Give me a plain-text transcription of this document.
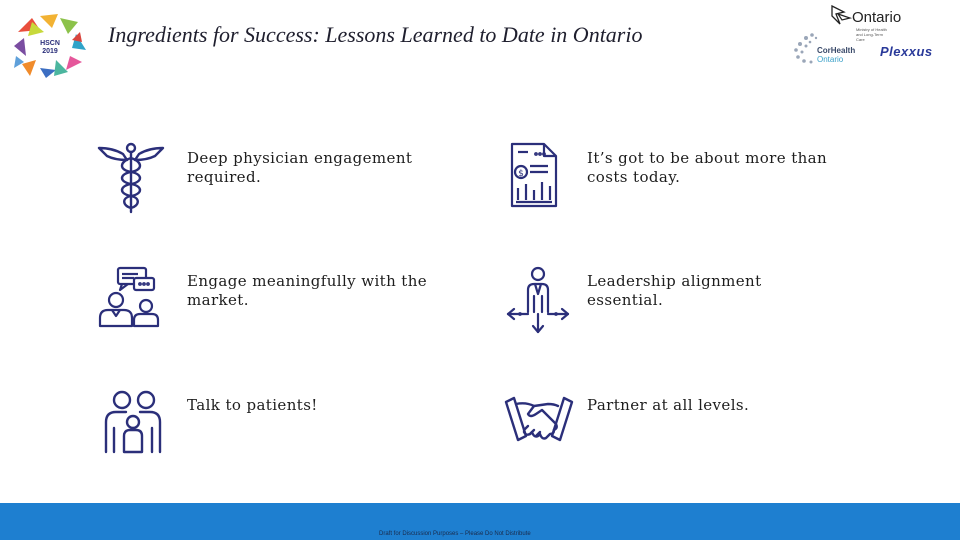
HSCN 2019
Ingredients for Success: Lessons Learned to Date in Ontario
Ontario
Ministry of Health and Long-Term Care
CorHealth
Ontario
Plexxus
Deep physician engagement required.	$
It’s got to be about more than costs today.
Engage meaningfully with the market.
Leadership alignment essential.
Talk to patients!	Partner at all levels.
Draft for Discussion Purposes – Please Do Not Distribute
